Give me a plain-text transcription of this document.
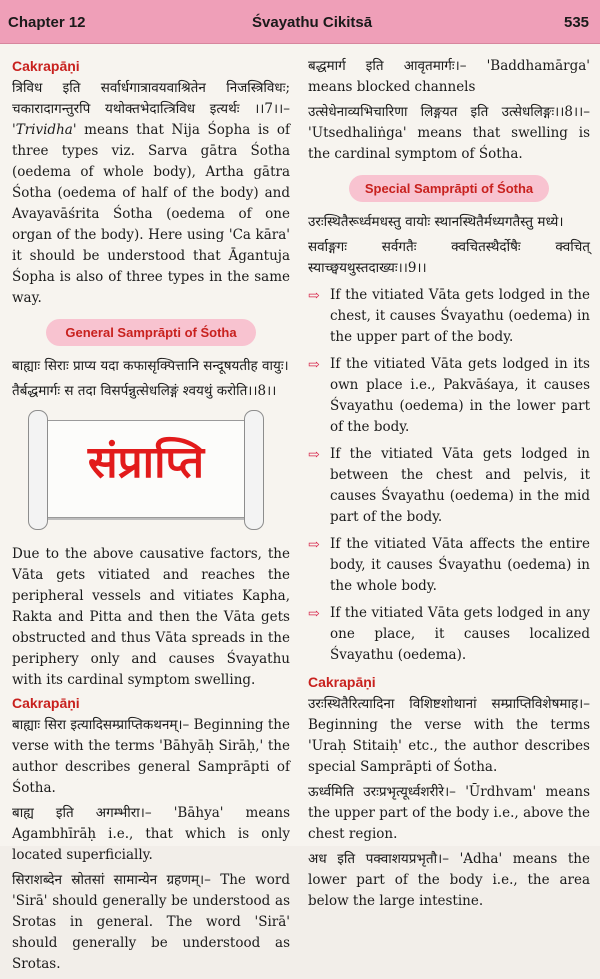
Chapter 12	Śvayathu Cikitsā	535
Cakrapāṇi

त्रिविध इति सर्वार्धगात्रावयवाश्रितेन निजस्त्रिविधः; चकारादागन्तुरपि यथोक्तभेदात्त्रिविध इत्यर्थः ।।7।।– 'Trividha' means that Nija Śopha is of three types viz. Sarva gātra Śotha (oedema of whole body), Artha gātra Śotha (oedema of half of the body) and Avayavāśrita Śotha (oedema of one organ of the body). Here using 'Ca kāra' it should be understood that Āgantuja Śopha is also of three types in the same way.

General Samprāpti of Śotha

बाह्याः सिराः प्राप्य यदा कफासृक्पित्तानि सन्दूषयतीह वायुः।

तैर्बद्धमार्गः स तदा विसर्पन्नुत्सेधलिङ्गं श्वयथुं करोति।।8।।

संप्राप्ति

Due to the above causative factors, the Vāta gets vitiated and reaches the peripheral vessels and vitiates Kapha, Rakta and Pitta and then the Vāta gets obstructed and thus Vāta spreads in the periphery only and causes Śvayathu with its cardinal symptom swelling.

Cakrapāṇi

बाह्याः सिरा इत्यादिसम्प्राप्तिकथनम्।– Beginning the verse with the terms 'Bāhyāḥ Sirāḥ,' the author describes general Samprāpti of Śotha.

बाह्य इति अगम्भीरा।– 'Bāhya' means Agambhīrāḥ i.e., that which is only located superficially.

सिराशब्देन स्रोतसां सामान्येन ग्रहणम्।– The word 'Sirā' should generally be understood as Srotas in general. The word 'Sirā' should generally be understood as Srotas.

बद्धमार्ग इति आवृतमार्गः।– 'Baddhamārga' means blocked channels

उत्सेधेनाव्यभिचारिणा लिङ्गयत इति उत्सेधलिङ्गः।।8।।– 'Utsedhaliṅga' means that swelling is the cardinal symptom of Śotha.

Special Samprāpti of Śotha

उरःस्थितैरूर्ध्वमधस्तु वायोः स्थानस्थितैर्मध्यगतैस्तु मध्ये।

सर्वाङ्गगः सर्वगतैः क्वचितस्थैर्दोषैः क्वचित् स्याच्छ्वयथुस्तदाख्यः।।9।।

⇨ If the vitiated Vāta gets lodged in the chest, it causes Śvayathu (oedema) in the upper part of the body.
⇨ If the vitiated Vāta gets lodged in its own place i.e., Pakvāśaya, it causes Śvayathu (oedema) in the lower part of the body.
⇨ If the vitiated Vāta gets lodged in between the chest and pelvis, it causes Śvayathu (oedema) in the mid part of the body.
⇨ If the vitiated Vāta affects the entire body, it causes Śvayathu (oedema) in the whole body.
⇨ If the vitiated Vāta gets lodged in any one place, it causes localized Śvayathu (oedema).
Cakrapāṇi

उरःस्थितैरित्यादिना विशिष्टशोथानां सम्प्राप्तिविशेषमाह।– Beginning the verse with the terms 'Uraḥ Stitaiḥ' etc., the author describes special Samprāpti of Śotha.

ऊर्ध्वमिति उरःप्रभृत्यूर्ध्वशरीरे।– 'Ūrdhvam' means the upper part of the body i.e., above the chest region.

अध इति पक्वाशयप्रभृतौ।– 'Adha' means the lower part of the body i.e., the area below the large intestine.
